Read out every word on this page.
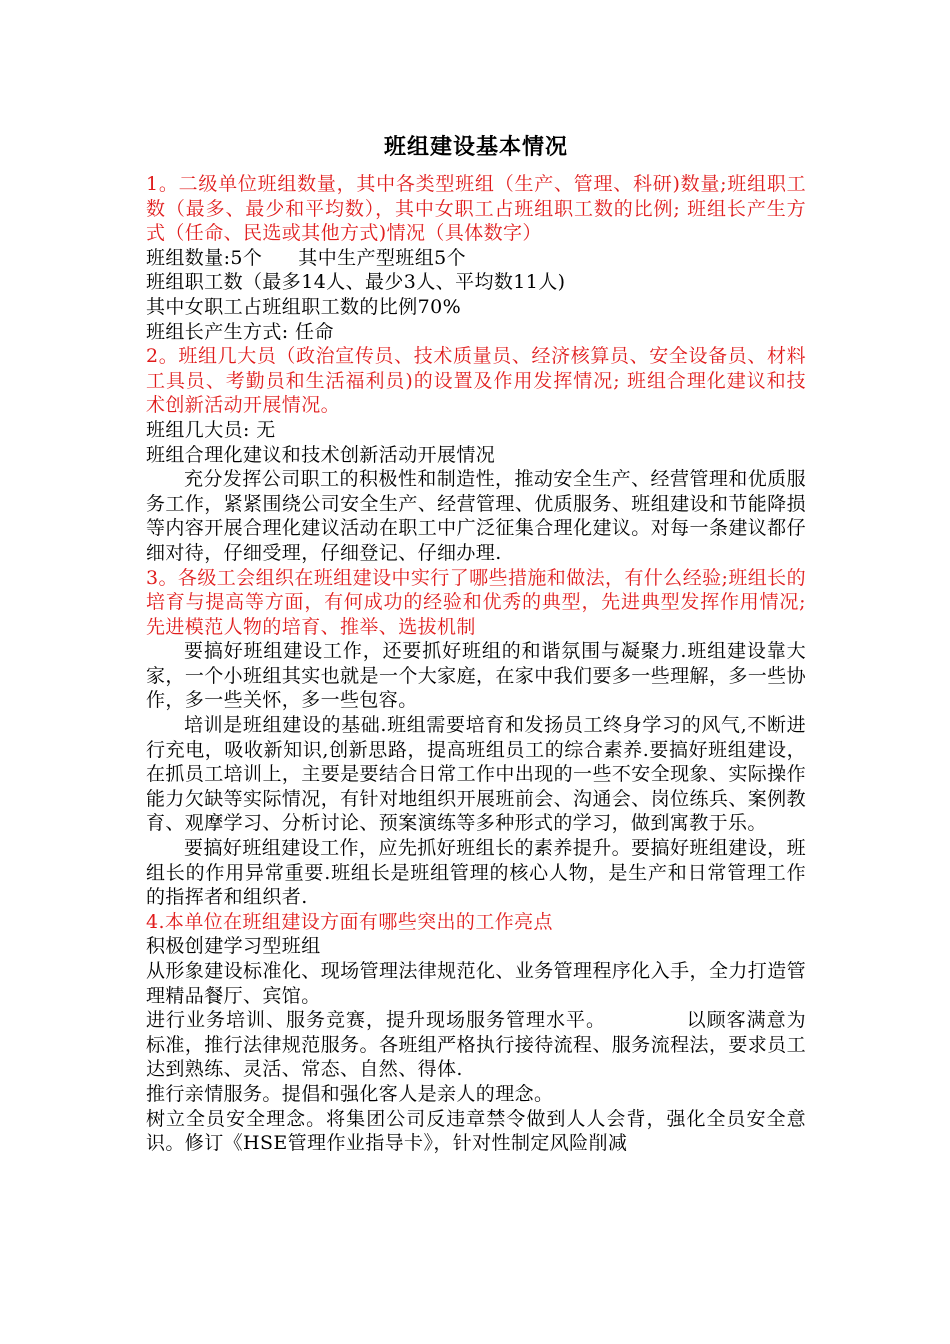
班组建设基本情况

1。二级单位班组数量，其中各类型班组（生产、管理、科研)数量;班组职工数（最多、最少和平均数），其中女职工占班组职工数的比例; 班组长产生方式（任命、民选或其他方式)情况（具体数字）

班组数量:5个 其中生产型班组5个

班组职工数（最多14人、最少3人、平均数11人)

其中女职工占班组职工数的比例70%

班组长产生方式: 任命

2。班组几大员（政治宣传员、技术质量员、经济核算员、安全设备员、材料工具员、考勤员和生活福利员)的设置及作用发挥情况; 班组合理化建议和技术创新活动开展情况。

班组几大员: 无

班组合理化建议和技术创新活动开展情况

充分发挥公司职工的积极性和制造性，推动安全生产、经营管理和优质服务工作，紧紧围绕公司安全生产、经营管理、优质服务、班组建设和节能降损等内容开展合理化建议活动在职工中广泛征集合理化建议。对每一条建议都仔细对待，仔细受理，仔细登记、仔细办理.

3。各级工会组织在班组建设中实行了哪些措施和做法，有什么经验;班组长的培育与提高等方面，有何成功的经验和优秀的典型，先进典型发挥作用情况;先进模范人物的培育、推举、选拔机制

要搞好班组建设工作，还要抓好班组的和谐氛围与凝聚力.班组建设靠大家，一个小班组其实也就是一个大家庭，在家中我们要多一些理解，多一些协作，多一些关怀，多一些包容。

培训是班组建设的基础.班组需要培育和发扬员工终身学习的风气,不断进行充电，吸收新知识,创新思路，提高班组员工的综合素养.要搞好班组建设，在抓员工培训上，主要是要结合日常工作中出现的一些不安全现象、实际操作能力欠缺等实际情况，有针对地组织开展班前会、沟通会、岗位练兵、案例教育、观摩学习、分析讨论、预案演练等多种形式的学习，做到寓教于乐。

要搞好班组建设工作，应先抓好班组长的素养提升。要搞好班组建设，班组长的作用异常重要.班组长是班组管理的核心人物，是生产和日常管理工作的指挥者和组织者.

4.本单位在班组建设方面有哪些突出的工作亮点

积极创建学习型班组

从形象建设标准化、现场管理法律规范化、业务管理程序化入手，全力打造管理精品餐厅、宾馆。

进行业务培训、服务竞赛，提升现场服务管理水平。	以顾客满意为标准，推行法律规范服务。各班组严格执行接待流程、服务流程法，要求员工达到熟练、灵活、常态、自然、得体.

推行亲情服务。提倡和强化客人是亲人的理念。

树立全员安全理念。将集团公司反违章禁令做到人人会背，强化全员安全意识。修订《HSE管理作业指导卡》，针对性制定风险削减
